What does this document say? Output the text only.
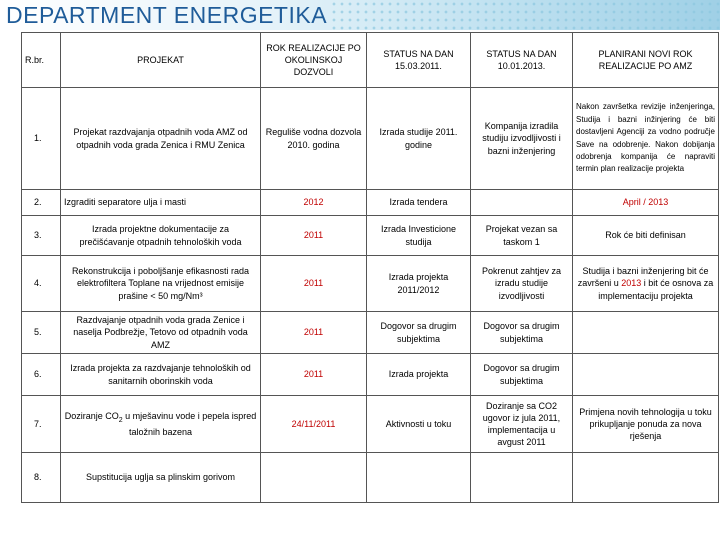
DEPARTMENT ENERGETIKA
R.br.	PROJEKAT	ROK REALIZACIJE PO OKOLINSKOJ DOZVOLI	STATUS NA DAN 15.03.2011.	STATUS NA DAN 10.01.2013.	PLANIRANI NOVI ROK REALIZACIJE PO AMZ
1.	Projekat razdvajanja otpadnih voda AMZ od otpadnih voda grada Zenica i RMU Zenica	Reguliše vodna dozvola 2010. godina	Izrada studije 2011. godine	Kompanija izradila studiju izvodljivosti i bazni inženjering	Nakon završetka revizije inženjeringa, Studija i bazni inžinjering će biti dostavljeni Agenciji za vodno područje Save na odobrenje. Nakon dobijanja odobrenja kompanija će napraviti termin plan realizacije projekta
2.	Izgraditi separatore ulja i masti	2012	Izrada tendera		April / 2013
3.	Izrada projektne dokumentacije za prečišćavanje otpadnih tehnoloških voda	2011	Izrada Investicione studija	Projekat vezan sa taskom 1	Rok će biti definisan
4.	Rekonstrukcija i poboljšanje efikasnosti rada elektrofiltera Toplane na vrijednost emisije prašine < 50 mg/Nm³	2011	Izrada projekta 2011/2012	Pokrenut zahtjev za izradu studije izvodljivosti	Studija i bazni inženjering bit će završeni u 2013 i bit će osnova za implementaciju projekta
5.	Razdvajanje otpadnih voda grada Zenice i naselja Podbrežje, Tetovo od otpadnih voda AMZ	2011	Dogovor sa drugim subjektima	Dogovor sa drugim subjektima	
6.	Izrada projekta za razdvajanje tehnoloških od sanitarnih oborinskih voda	2011	Izrada projekta	Dogovor sa drugim subjektima	
7.	Doziranje $CO_2$ u mješavinu vode i pepela ispred taložnih bazena	24/11/2011	Aktivnosti u toku	Doziranje sa CO2 ugovor iz jula 2011, implementacija u avgust 2011	Primjena novih tehnologija u toku prikupljanje ponuda za nova rješenja
8.	Supstitucija uglja sa plinskim gorivom				
